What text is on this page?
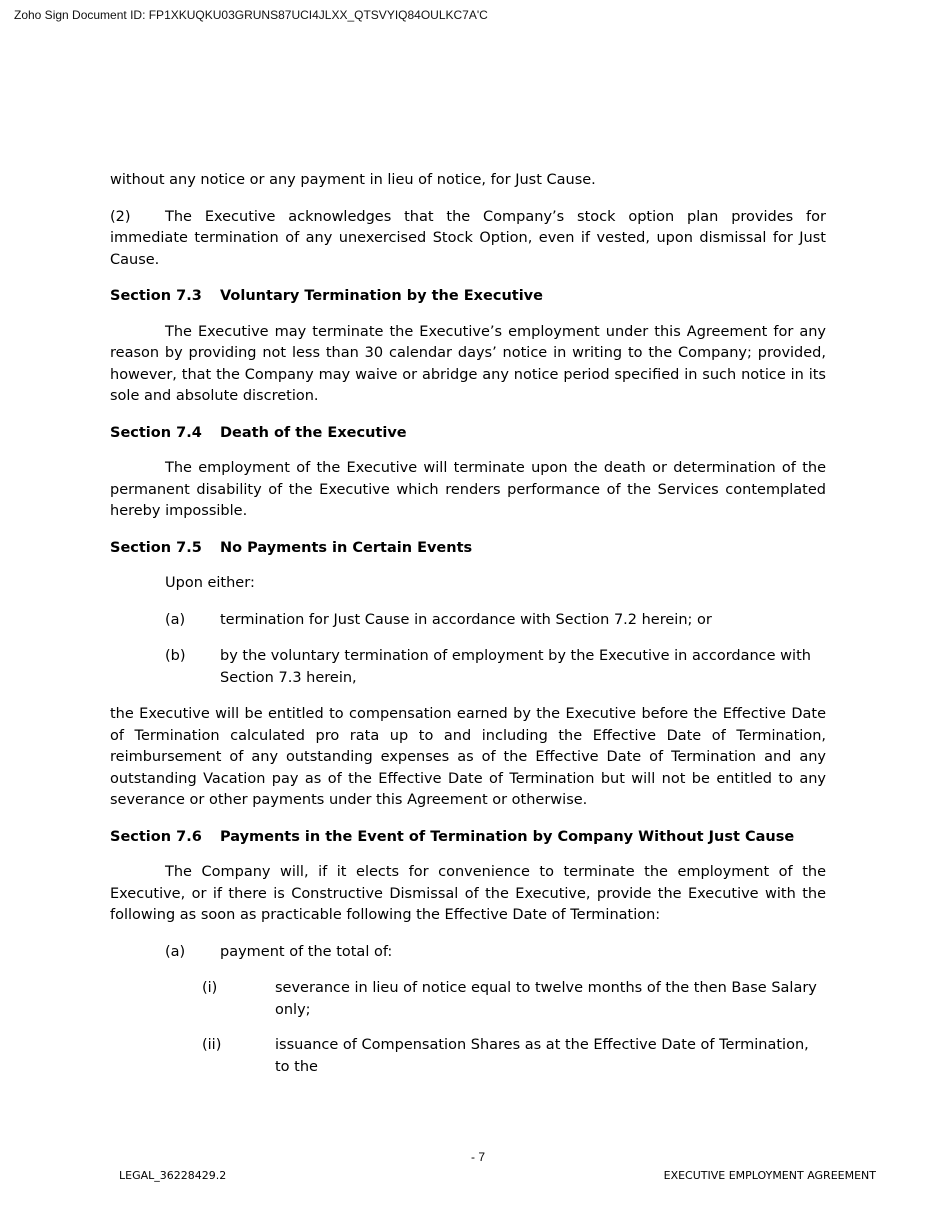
Zoho Sign Document ID: FP1XKUQKU03GRUNS87UCI4JLXX_QTSVYIQ84OULKC7A'C

without any notice or any payment in lieu of notice, for Just Cause.

(2) The Executive acknowledges that the Company’s stock option plan provides for immediate termination of any unexercised Stock Option, even if vested, upon dismissal for Just Cause.

Section 7.3 Voluntary Termination by the Executive

The Executive may terminate the Executive’s employment under this Agreement for any reason by providing not less than 30 calendar days’ notice in writing to the Company; provided, however, that the Company may waive or abridge any notice period specified in such notice in its sole and absolute discretion.

Section 7.4 Death of the Executive

The employment of the Executive will terminate upon the death or determination of the permanent disability of the Executive which renders performance of the Services contemplated hereby impossible.

Section 7.5 No Payments in Certain Events

Upon either:

(a) termination for Just Cause in accordance with Section 7.2 herein; or
(b) by the voluntary termination of employment by the Executive in accordance with Section 7.3 herein,

the Executive will be entitled to compensation earned by the Executive before the Effective Date of Termination calculated pro rata up to and including the Effective Date of Termination, reimbursement of any outstanding expenses as of the Effective Date of Termination and any outstanding Vacation pay as of the Effective Date of Termination but will not be entitled to any severance or other payments under this Agreement or otherwise.

Section 7.6 Payments in the Event of Termination by Company Without Just Cause

The Company will, if it elects for convenience to terminate the employment of the Executive, or if there is Constructive Dismissal of the Executive, provide the Executive with the following as soon as practicable following the Effective Date of Termination:

(a) payment of the total of:
(i)	severance in lieu of notice equal to twelve months of the then Base Salary only;
(ii)	issuance of Compensation Shares as at the Effective Date of Termination, to the
- 7
LEGAL_36228429.2	EXECUTIVE EMPLOYMENT AGREEMENT
